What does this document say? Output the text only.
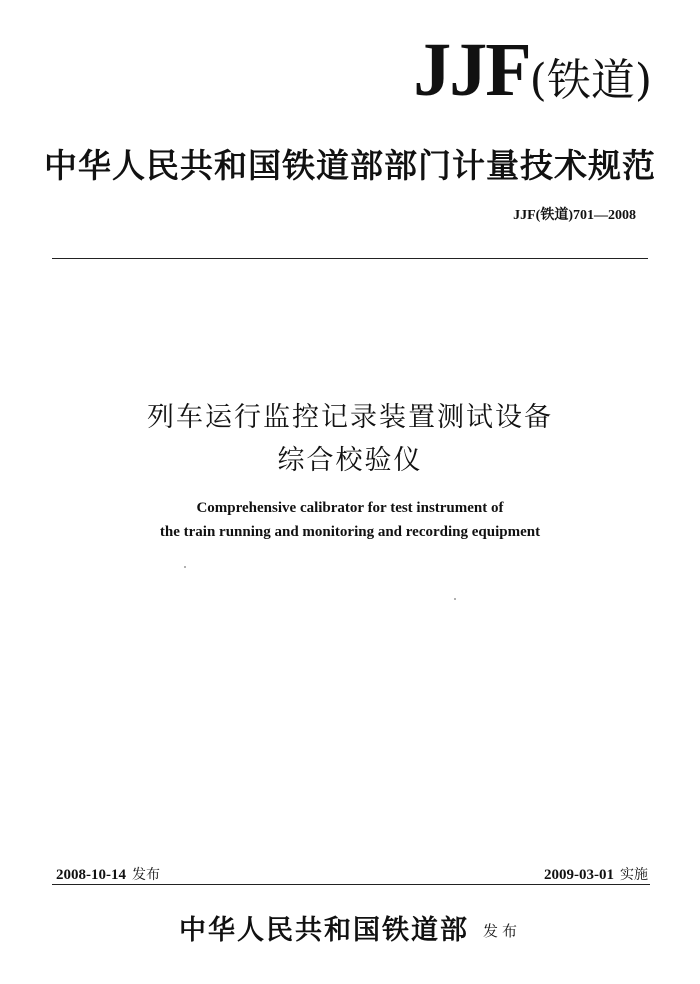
JJF(铁道)
中华人民共和国铁道部部门计量技术规范
JJF(铁道)701—2008
列车运行监控记录装置测试设备
综合校验仪
Comprehensive calibrator for test instrument of
the train running and monitoring and recording equipment
2008-10-14 发布	2009-03-01 实施
中华人民共和国铁道部 发布
